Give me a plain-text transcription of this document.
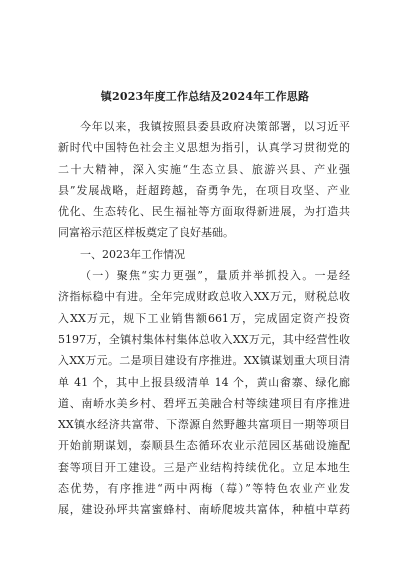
镇2023年度工作总结及2024年工作思路

今年以来，我镇按照县委县政府决策部署，以习近平

新时代中国特色社会主义思想为指引，认真学习贯彻党的

二十大精神，深入实施“生态立县、旅游兴县、产业强

县”发展战略，赶超跨越，奋勇争先，在项目攻坚、产业

优化、生态转化、民生福祉等方面取得新进展，为打造共

同富裕示范区样板奠定了良好基础。

一、2023年工作情况

（一）聚焦“实力更强”，量质并举抓投入。一是经

济指标稳中有进。全年完成财政总收入XX万元，财税总收

入XX万元，规下工业销售额661万，完成固定资产投资

5197万，全镇村集体村集体总收入XX万元，其中经营性收

入XX万元。二是项目建设有序推进。XX镇谋划重大项目清

单 41 个，其中上报县级清单 14 个，黄山畲寨、绿化廊

道、南峤水美乡村、碧坪五美融合村等续建项目有序推进

XX镇水经济共富带、下漈源自然野趣共富项目一期等项目

开始前期谋划，泰顺县生态循环农业示范园区基础设施配

套等项目开工建设。三是产业结构持续优化。立足本地生

态优势，有序推进“两中两梅（莓）”等特色农业产业发

展，建设孙坪共富蜜蜂村、南峤爬坡共富体，种植中草药
